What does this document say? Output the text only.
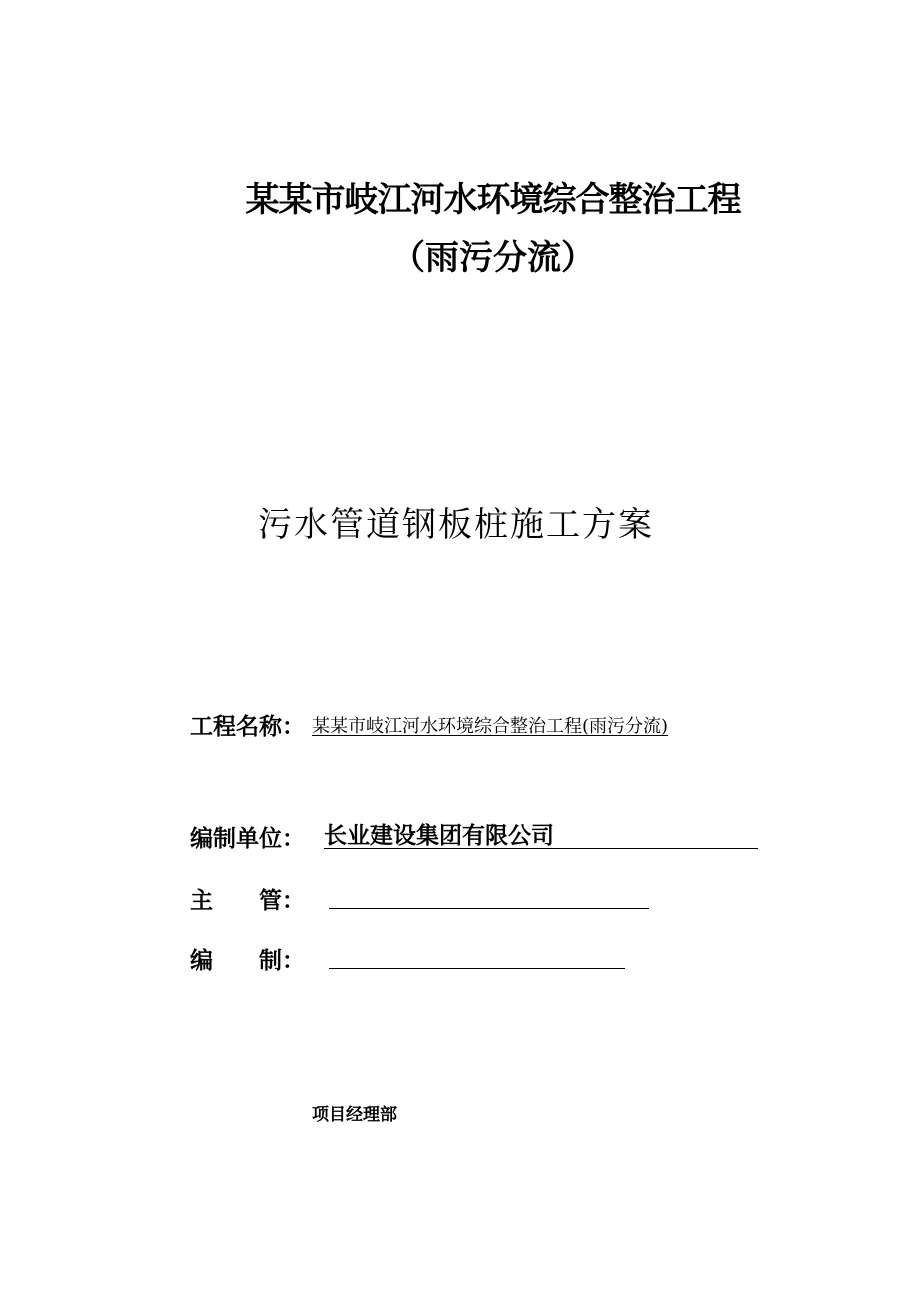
某某市岐江河水环境综合整治工程
（雨污分流）
污水管道钢板桩施工方案
工程名称： 某某市岐江河水环境综合整治工程(雨污分流)
编制单位： 长业建设集团有限公司
主　　管：
编　　制：
项目经理部
